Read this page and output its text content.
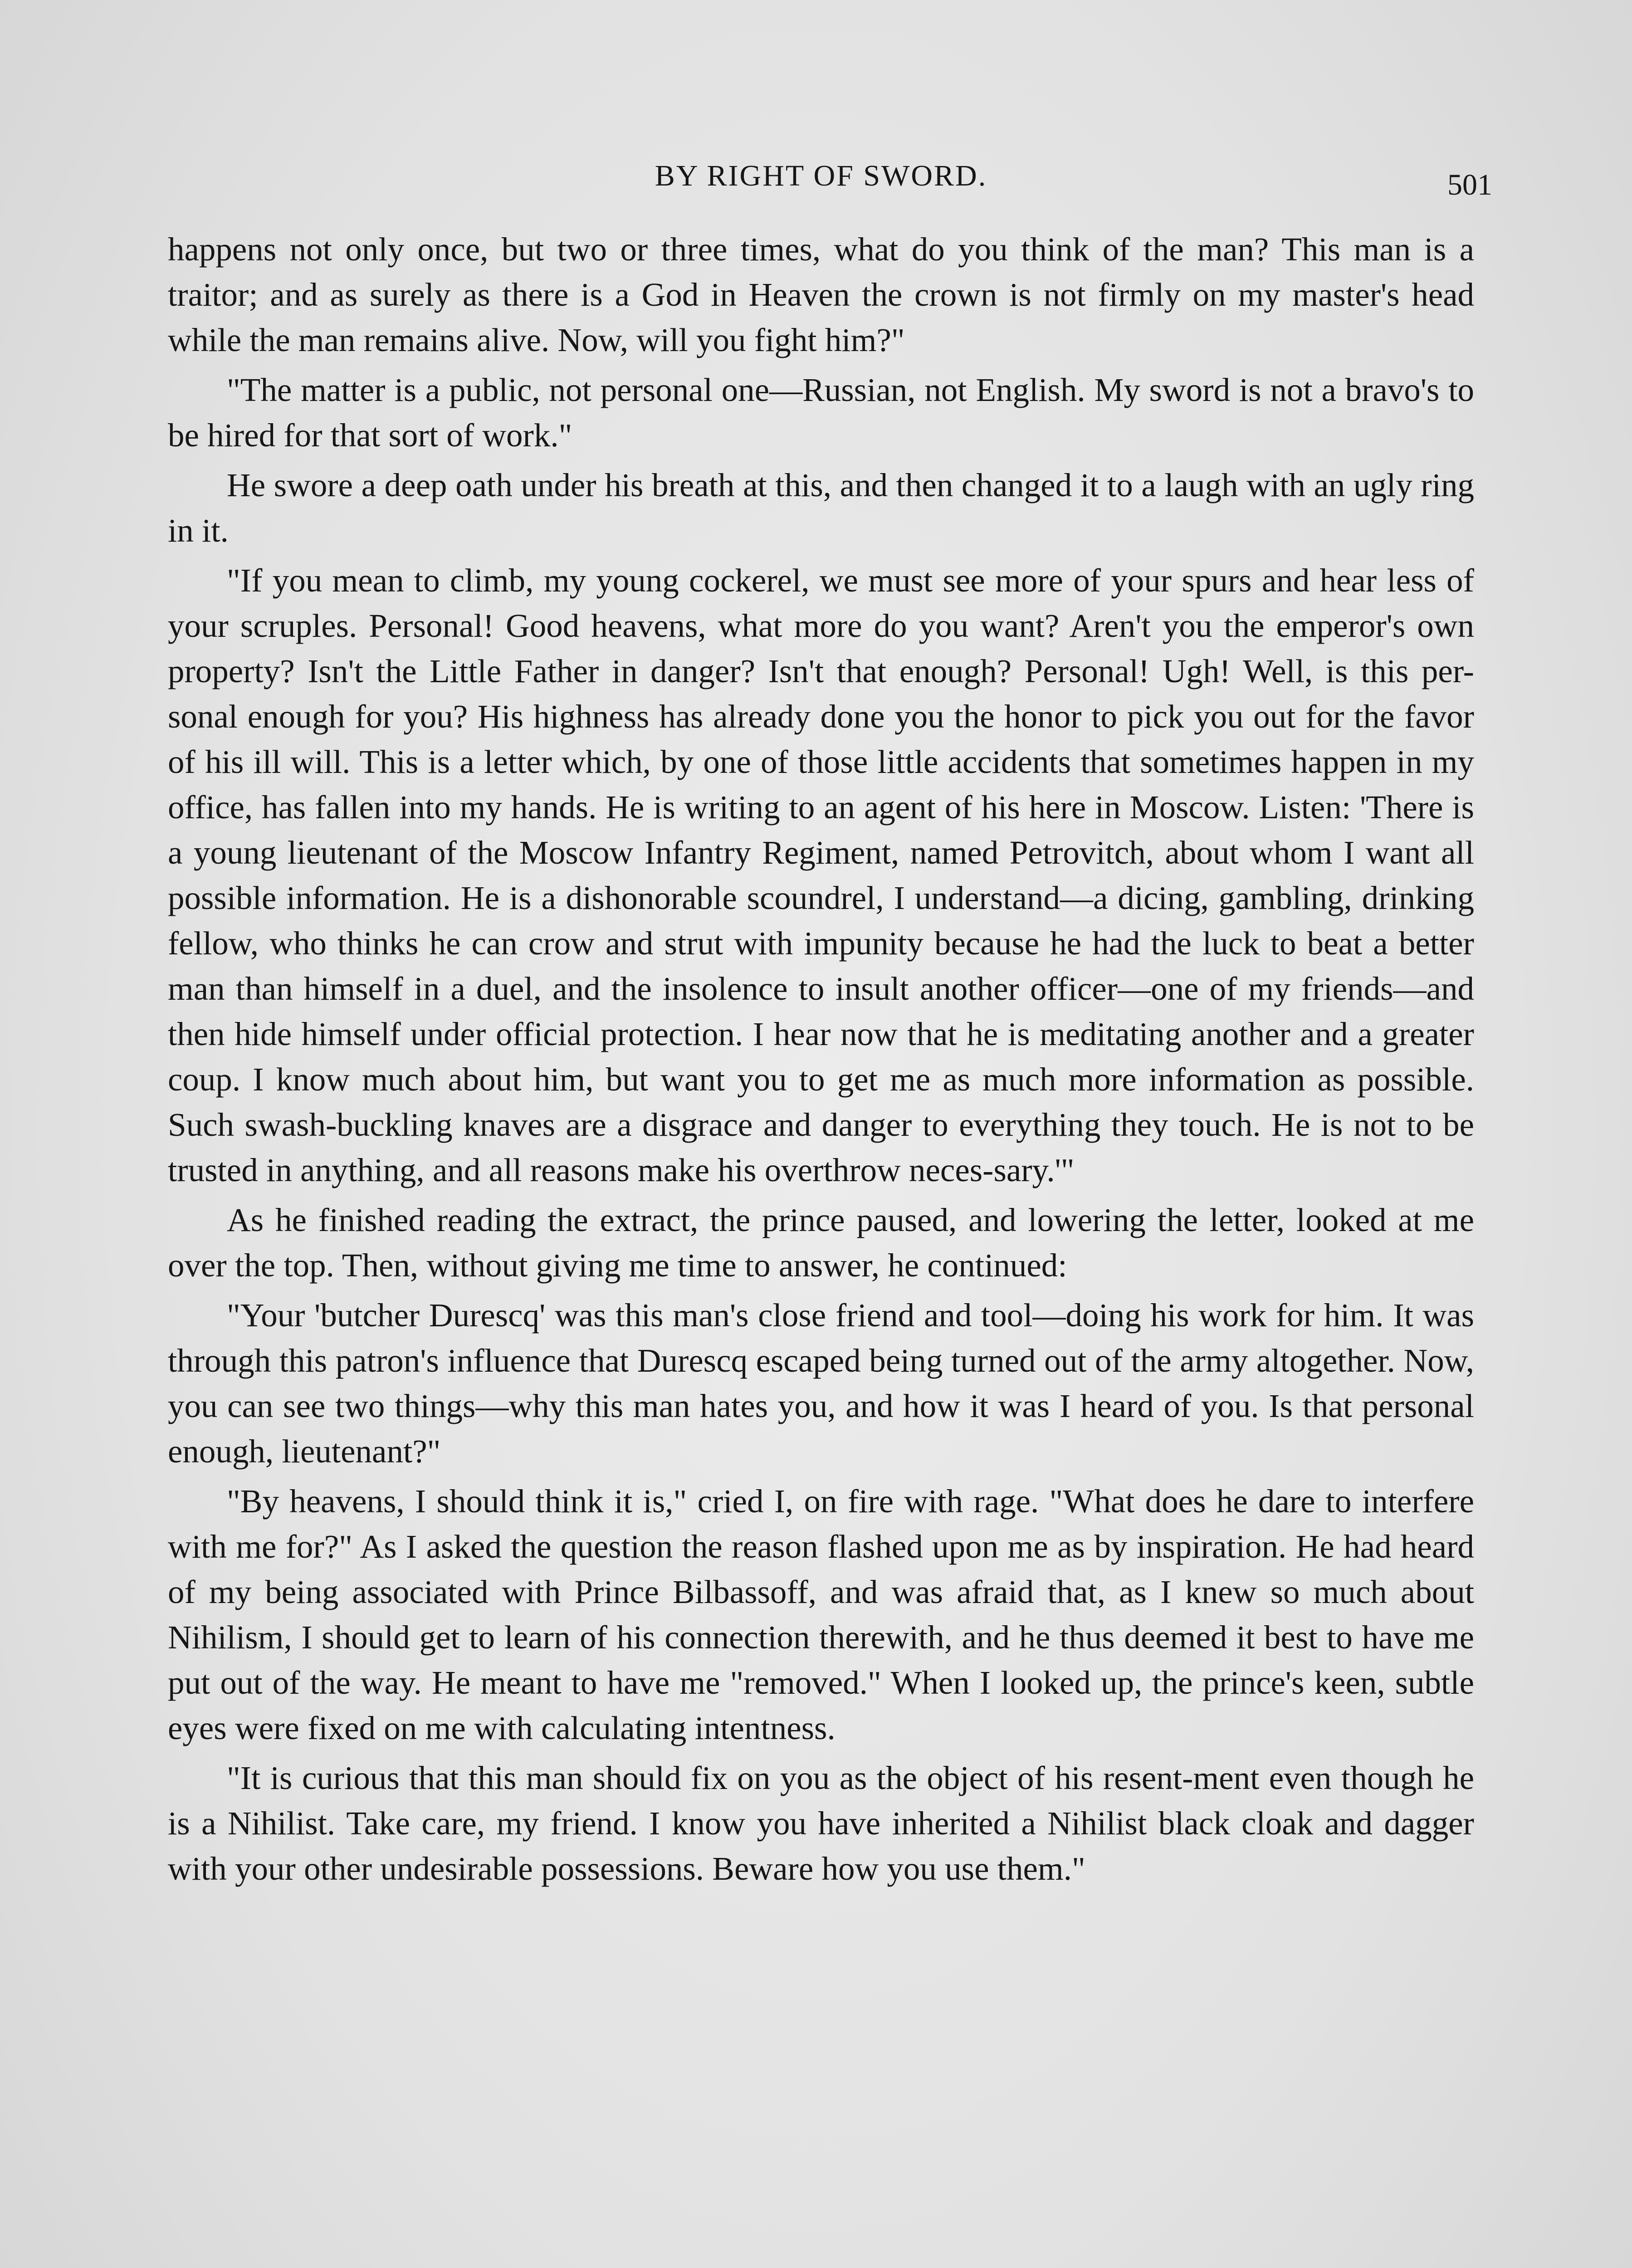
BY RIGHT OF SWORD.	501

happens not only once, but two or three times, what do you think of the man? This man is a traitor; and as surely as there is a God in Heaven the crown is not firmly on my master's head while the man remains alive. Now, will you fight him?"

"The matter is a public, not personal one—Russian, not English. My sword is not a bravo's to be hired for that sort of work."

He swore a deep oath under his breath at this, and then changed it to a laugh with an ugly ring in it.

"If you mean to climb, my young cockerel, we must see more of your spurs and hear less of your scruples. Personal! Good heavens, what more do you want? Aren't you the emperor's own property? Isn't the Little Father in danger? Isn't that enough? Personal! Ugh! Well, is this per-sonal enough for you? His highness has already done you the honor to pick you out for the favor of his ill will. This is a letter which, by one of those little accidents that sometimes happen in my office, has fallen into my hands. He is writing to an agent of his here in Moscow. Listen: 'There is a young lieutenant of the Moscow Infantry Regiment, named Petrovitch, about whom I want all possible information. He is a dishonorable scoundrel, I understand—a dicing, gambling, drinking fellow, who thinks he can crow and strut with impunity because he had the luck to beat a better man than himself in a duel, and the insolence to insult another officer—one of my friends—and then hide himself under official protection. I hear now that he is meditating another and a greater coup. I know much about him, but want you to get me as much more information as possible. Such swash-buckling knaves are a disgrace and danger to everything they touch. He is not to be trusted in anything, and all reasons make his overthrow neces-sary.'"

As he finished reading the extract, the prince paused, and lowering the letter, looked at me over the top. Then, without giving me time to answer, he continued:

"Your 'butcher Durescq' was this man's close friend and tool—doing his work for him. It was through this patron's influence that Durescq escaped being turned out of the army altogether. Now, you can see two things—why this man hates you, and how it was I heard of you. Is that personal enough, lieutenant?"

"By heavens, I should think it is," cried I, on fire with rage. "What does he dare to interfere with me for?" As I asked the question the reason flashed upon me as by inspiration. He had heard of my being associated with Prince Bilbassoff, and was afraid that, as I knew so much about Nihilism, I should get to learn of his connection therewith, and he thus deemed it best to have me put out of the way. He meant to have me "removed." When I looked up, the prince's keen, subtle eyes were fixed on me with calculating intentness.

"It is curious that this man should fix on you as the object of his resent-ment even though he is a Nihilist. Take care, my friend. I know you have inherited a Nihilist black cloak and dagger with your other undesirable possessions. Beware how you use them."
